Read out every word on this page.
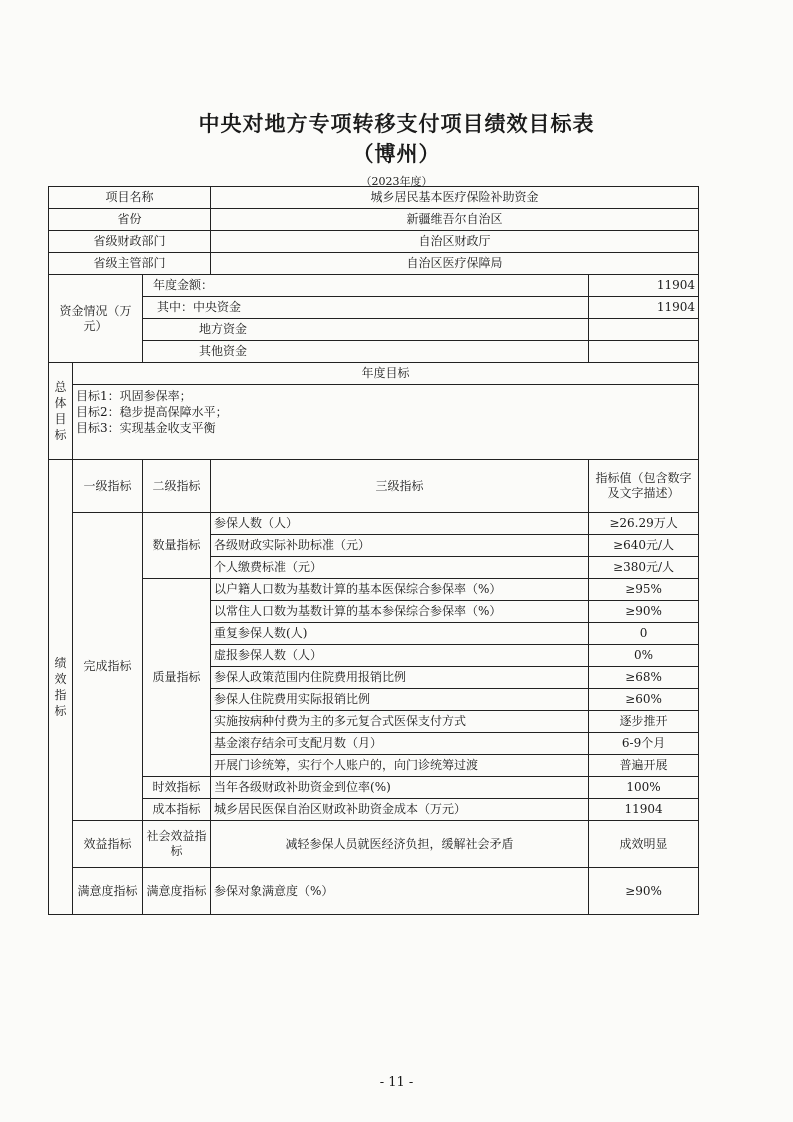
中央对地方专项转移支付项目绩效目标表
（博州）
（2023年度）
项目名称			城乡居民基本医疗保险补助资金	
省份			新疆维吾尔自治区	
省级财政部门			自治区财政厅	
省级主管部门			自治区医疗保障局	
资金情况（万元）		年度金额：		11904
		其中：中央资金		11904
		地方资金		
		其他资金		
总体目标	年度目标			

	目标1：巩固参保率；
目标2：稳步提高保障水平；
目标3：实现基金收支平衡			

绩效指标	一级指标	二级指标	三级指标	指标值（包含数字及文字描述）
	完成指标	数量指标	参保人数（人）	≥26.29万人
			各级财政实际补助标准（元）	≥640元/人
			个人缴费标准（元）	≥380元/人
		质量指标	以户籍人口数为基数计算的基本医保综合参保率（%）	≥95%
			以常住人口数为基数计算的基本参保综合参保率（%）	≥90%
			重复参保人数(人)	0
			虚报参保人数（人）	0%
			参保人政策范围内住院费用报销比例	≥68%
			参保人住院费用实际报销比例	≥60%
			实施按病种付费为主的多元复合式医保支付方式	逐步推开
			基金滚存结余可支配月数（月）	6-9个月
			开展门诊统筹，实行个人账户的，向门诊统筹过渡	普遍开展
		时效指标	当年各级财政补助资金到位率(%)	100%
		成本指标	城乡居民医保自治区财政补助资金成本（万元）	11904
	效益指标	社会效益指标	减轻参保人员就医经济负担，缓解社会矛盾	成效明显
	满意度指标	满意度指标	参保对象满意度（%）	≥90%
- 11 -
